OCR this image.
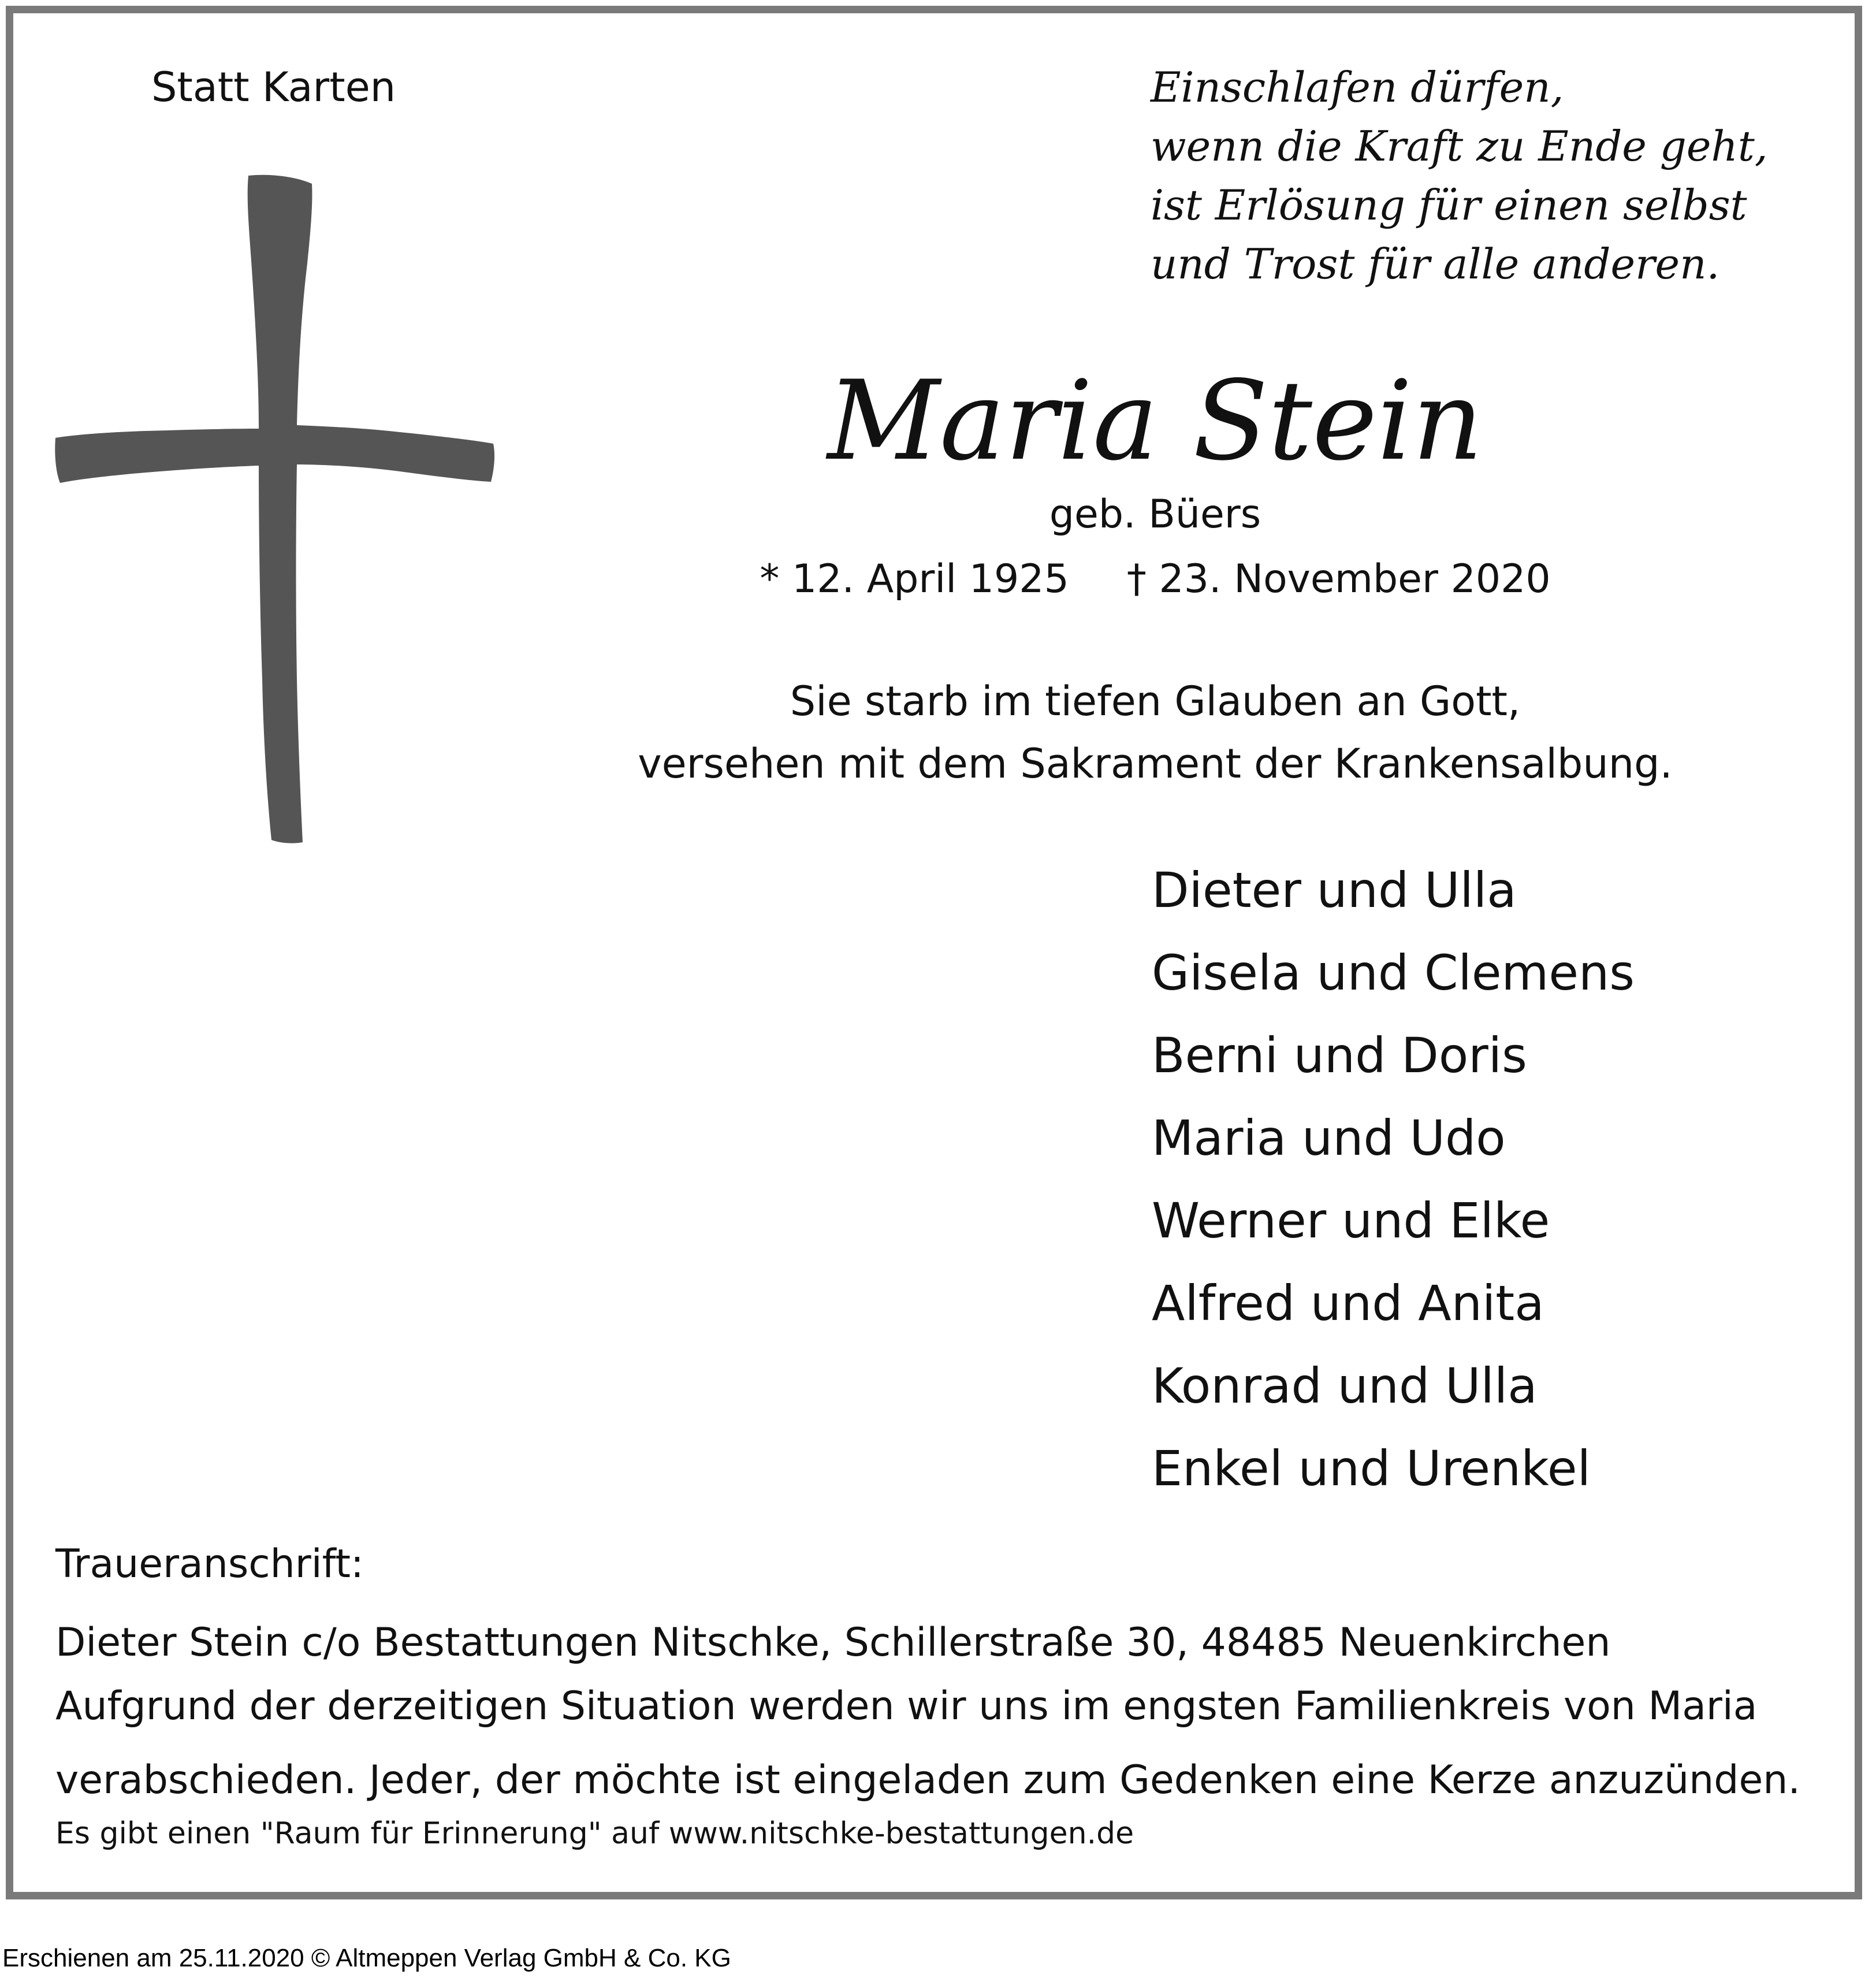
Statt Karten	Einschlafen dürfen,
wenn die Kraft zu Ende geht,
ist Erlösung für einen selbst
und Trost für alle anderen.
Maria Stein
geb. Büers
* 12. April 1925 † 23. November 2020
Sie starb im tiefen Glauben an Gott,
versehen mit dem Sakrament der Krankensalbung.
Dieter und Ulla
Gisela und Clemens
Berni und Doris
Maria und Udo
Werner und Elke
Alfred und Anita
Konrad und Ulla
Enkel und Urenkel
Traueranschrift:
Dieter Stein c/o Bestattungen Nitschke, Schillerstraße 30, 48485 Neuenkirchen
Aufgrund der derzeitigen Situation werden wir uns im engsten Familienkreis von Maria
verabschieden. Jeder, der möchte ist eingeladen zum Gedenken eine Kerze anzuzünden.
Es gibt einen "Raum für Erinnerung" auf www.nitschke-bestattungen.de
Erschienen am 25.11.2020 © Altmeppen Verlag GmbH & Co. KG
